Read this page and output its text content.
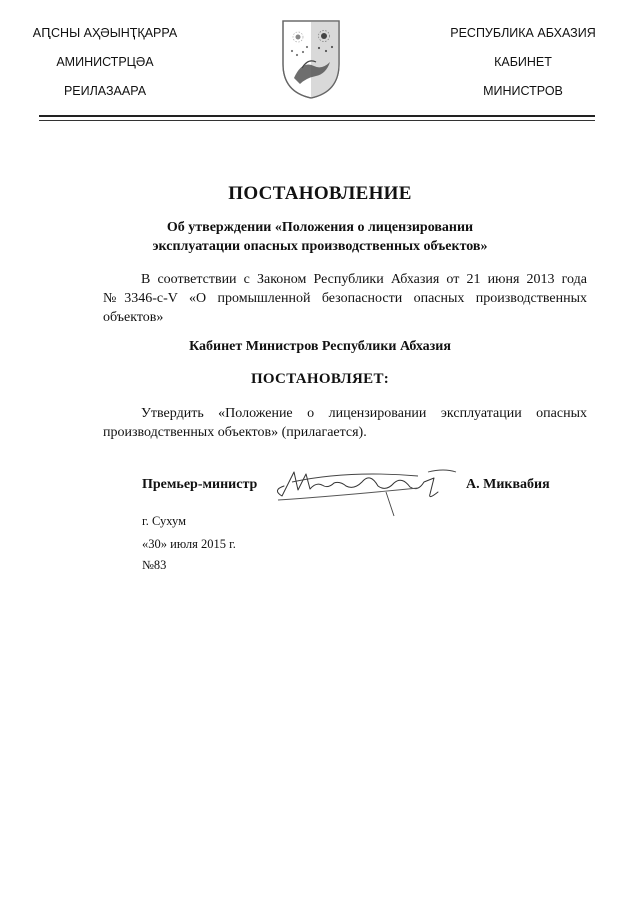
АԤСНЫ АҲӘЫНҬҚАРРА
АМИНИСТРЦӘА
РЕИЛАЗААРА
РЕСПУБЛИКА АБХАЗИЯ
КАБИНЕТ
МИНИСТРОВ
ПОСТАНОВЛЕНИЕ
Об утверждении «Положения о лицензировании
эксплуатации опасных производственных объектов»
В соответствии с Законом Республики Абхазия от 21 июня 2013 года №3346-с-V «О промышленной безопасности опасных производственных объектов»
Кабинет Министров Республики Абхазия
ПОСТАНОВЛЯЕТ:
Утвердить «Положение о лицензировании эксплуатации опасных производственных объектов» (прилагается).
Премьер-министр	А. Миквабия
г. Сухум
«30» июля 2015 г.
№83
